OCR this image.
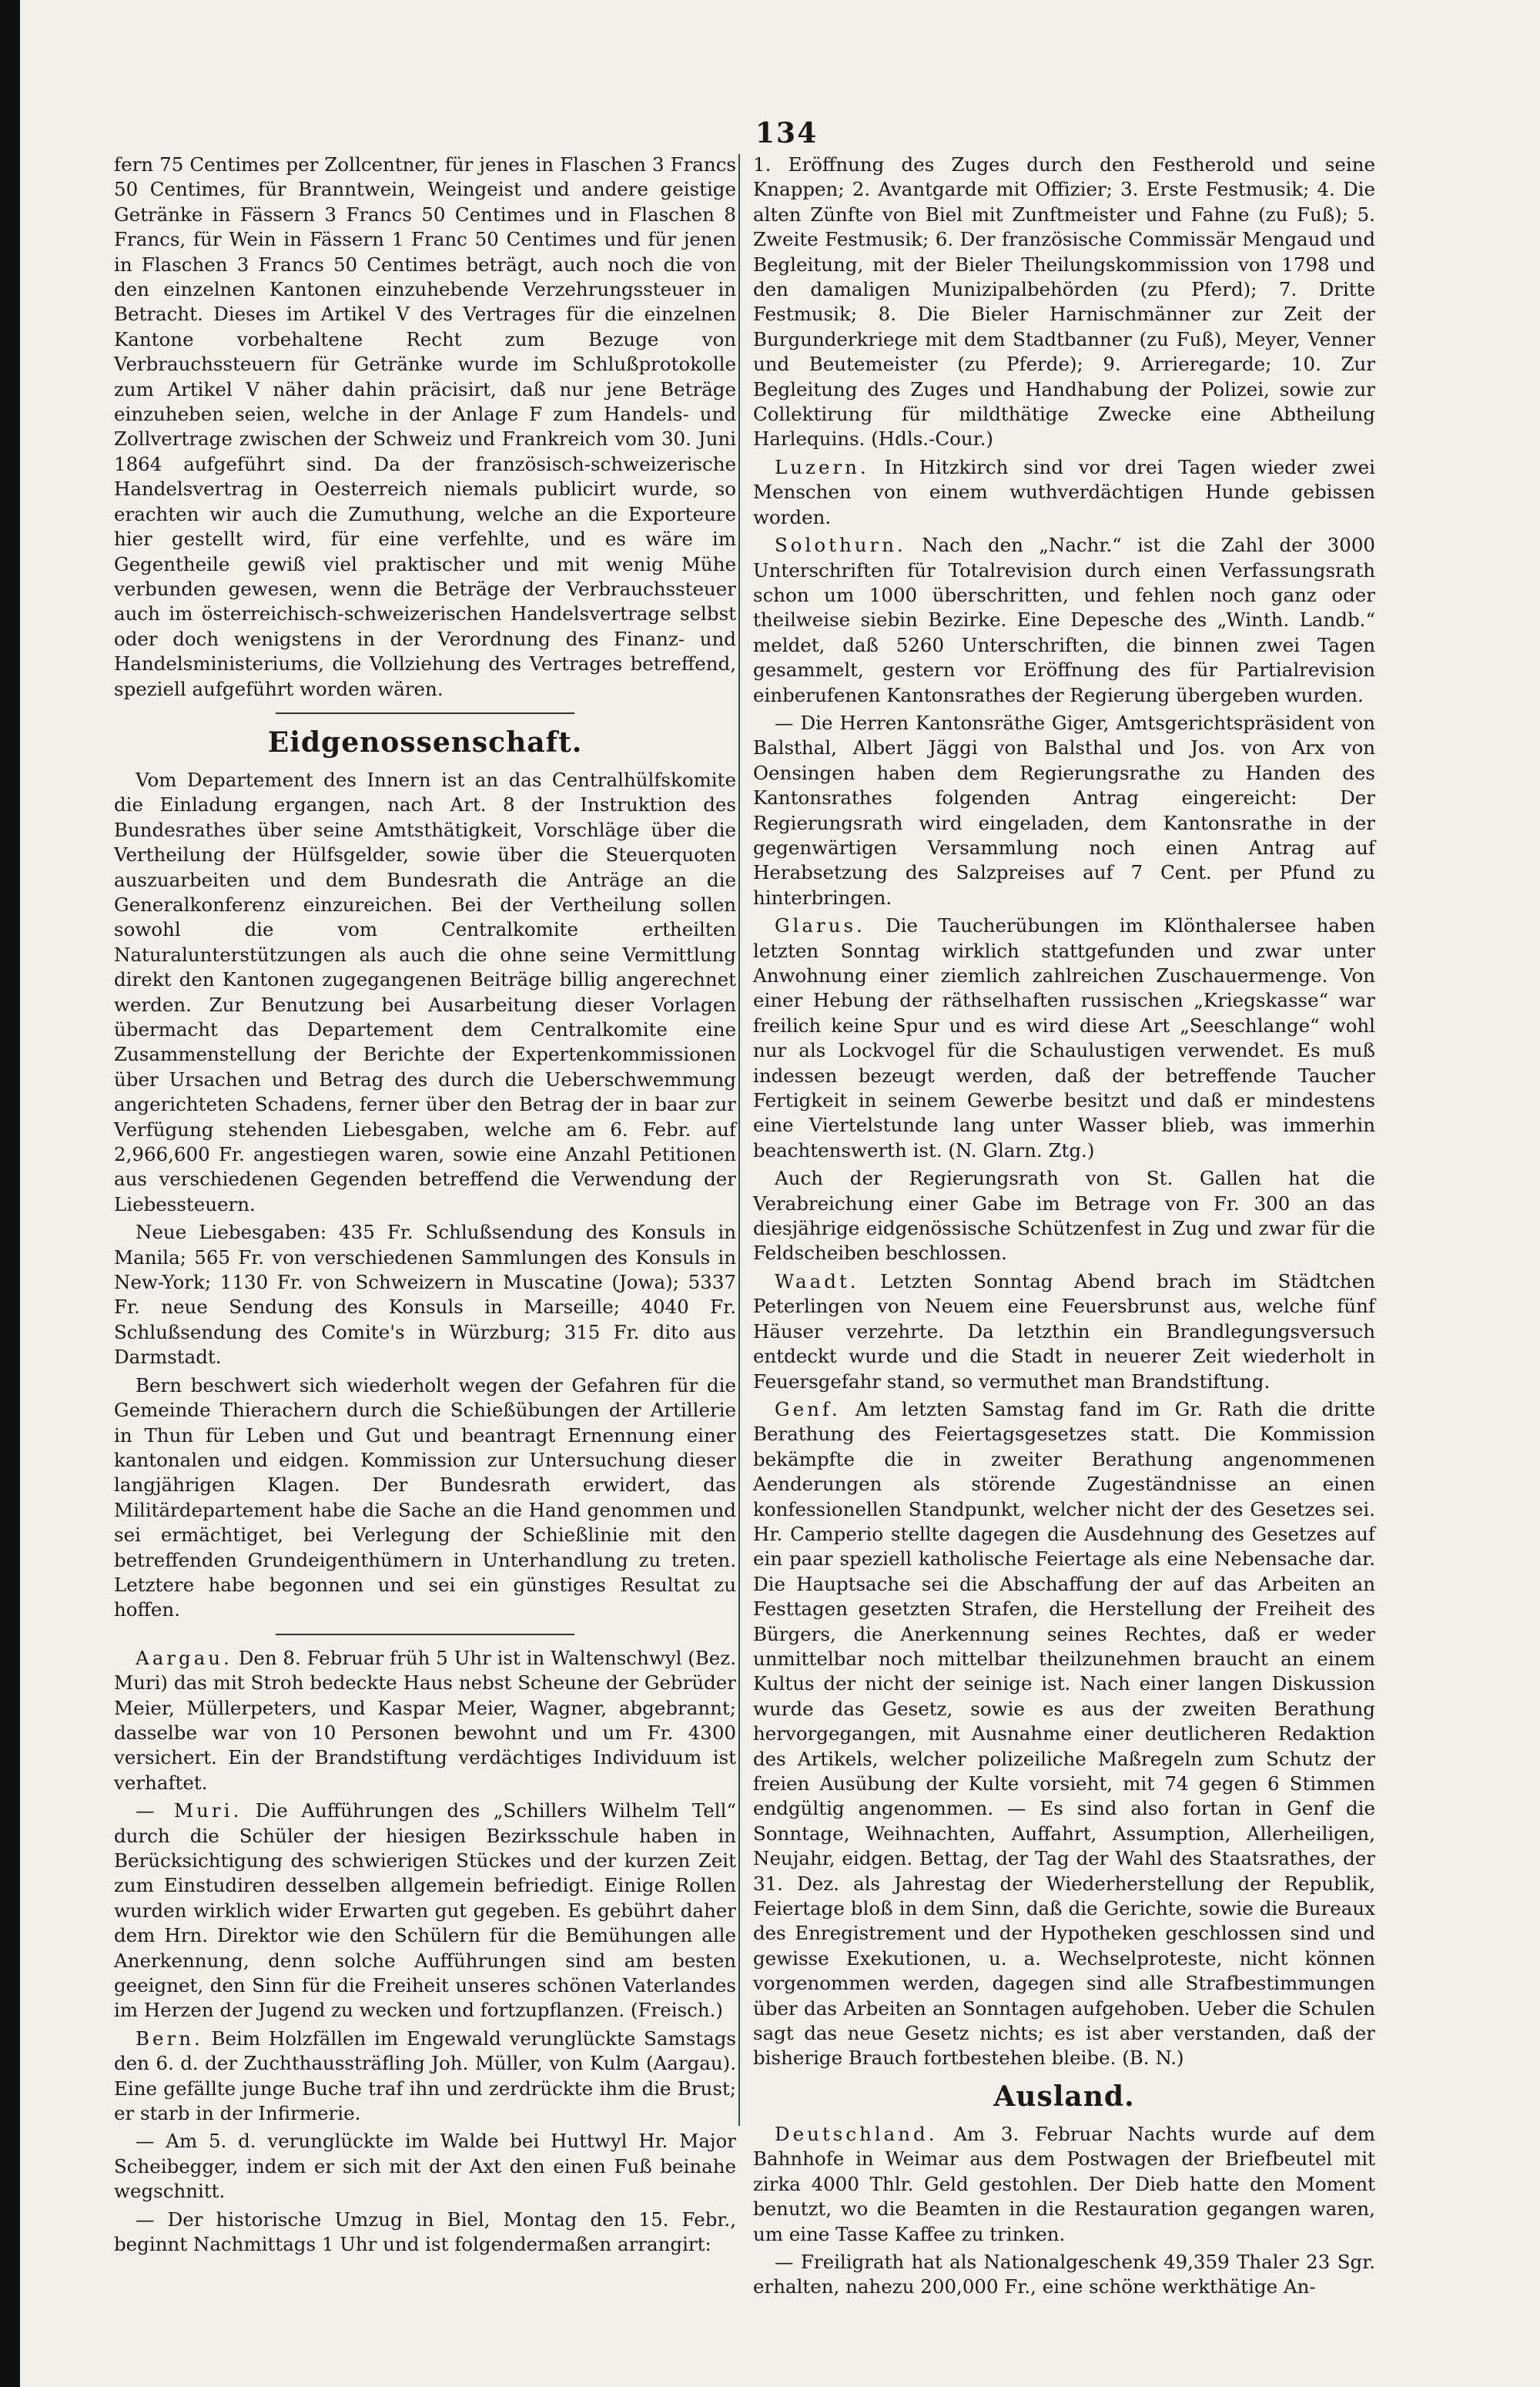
134

fern 75 Centimes per Zollcentner, für jenes in Flaschen 3 Francs 50 Centimes, für Branntwein, Weingeist und andere geistige Getränke in Fässern 3 Francs 50 Centimes und in Flaschen 8 Francs, für Wein in Fässern 1 Franc 50 Centimes und für jenen in Flaschen 3 Francs 50 Centimes beträgt, auch noch die von den einzelnen Kantonen einzuhebende Verzehrungssteuer in Betracht. Dieses im Artikel V des Vertrages für die einzelnen Kantone vorbehaltene Recht zum Bezuge von Verbrauchssteuern für Getränke wurde im Schlußprotokolle zum Artikel V näher dahin präcisirt, daß nur jene Beträge einzuheben seien, welche in der Anlage F zum Handels- und Zollvertrage zwischen der Schweiz und Frankreich vom 30. Juni 1864 aufgeführt sind. Da der französisch-schweizerische Handelsvertrag in Oesterreich niemals publicirt wurde, so erachten wir auch die Zumuthung, welche an die Exporteure hier gestellt wird, für eine verfehlte, und es wäre im Gegentheile gewiß viel praktischer und mit wenig Mühe verbunden gewesen, wenn die Beträge der Verbrauchssteuer auch im österreichisch-schweizerischen Handelsvertrage selbst oder doch wenigstens in der Verordnung des Finanz- und Handelsministeriums, die Vollziehung des Vertrages betreffend, speziell aufgeführt worden wären.

Eidgenossenschaft.

Vom Departement des Innern ist an das Centralhülfskomite die Einladung ergangen, nach Art. 8 der Instruktion des Bundesrathes über seine Amtsthätigkeit, Vorschläge über die Vertheilung der Hülfsgelder, sowie über die Steuerquoten auszuarbeiten und dem Bundesrath die Anträge an die Generalkonferenz einzureichen. Bei der Vertheilung sollen sowohl die vom Centralkomite ertheilten Naturalunterstützungen als auch die ohne seine Vermittlung direkt den Kantonen zugegangenen Beiträge billig angerechnet werden. Zur Benutzung bei Ausarbeitung dieser Vorlagen übermacht das Departement dem Centralkomite eine Zusammenstellung der Berichte der Expertenkommissionen über Ursachen und Betrag des durch die Ueberschwemmung angerichteten Schadens, ferner über den Betrag der in baar zur Verfügung stehenden Liebesgaben, welche am 6. Febr. auf 2,966,600 Fr. angestiegen waren, sowie eine Anzahl Petitionen aus verschiedenen Gegenden betreffend die Verwendung der Liebessteuern.

Neue Liebesgaben: 435 Fr. Schlußsendung des Konsuls in Manila; 565 Fr. von verschiedenen Sammlungen des Konsuls in New-York; 1130 Fr. von Schweizern in Muscatine (Jowa); 5337 Fr. neue Sendung des Konsuls in Marseille; 4040 Fr. Schlußsendung des Comite's in Würzburg; 315 Fr. dito aus Darmstadt.

Bern beschwert sich wiederholt wegen der Gefahren für die Gemeinde Thierachern durch die Schießübungen der Artillerie in Thun für Leben und Gut und beantragt Ernennung einer kantonalen und eidgen. Kommission zur Untersuchung dieser langjährigen Klagen. Der Bundesrath erwidert, das Militärdepartement habe die Sache an die Hand genommen und sei ermächtiget, bei Verlegung der Schießlinie mit den betreffenden Grundeigenthümern in Unterhandlung zu treten. Letztere habe begonnen und sei ein günstiges Resultat zu hoffen.

Aargau. Den 8. Februar früh 5 Uhr ist in Waltenschwyl (Bez. Muri) das mit Stroh bedeckte Haus nebst Scheune der Gebrüder Meier, Müllerpeters, und Kaspar Meier, Wagner, abgebrannt; dasselbe war von 10 Personen bewohnt und um Fr. 4300 versichert. Ein der Brandstiftung verdächtiges Individuum ist verhaftet.

— Muri. Die Aufführungen des „Schillers Wilhelm Tell“ durch die Schüler der hiesigen Bezirksschule haben in Berücksichtigung des schwierigen Stückes und der kurzen Zeit zum Einstudiren desselben allgemein befriedigt. Einige Rollen wurden wirklich wider Erwarten gut gegeben. Es gebührt daher dem Hrn. Direktor wie den Schülern für die Bemühungen alle Anerkennung, denn solche Aufführungen sind am besten geeignet, den Sinn für die Freiheit unseres schönen Vaterlandes im Herzen der Jugend zu wecken und fortzupflanzen. (Freisch.)

Bern. Beim Holzfällen im Engewald verunglückte Samstags den 6. d. der Zuchthaussträfling Joh. Müller, von Kulm (Aargau). Eine gefällte junge Buche traf ihn und zerdrückte ihm die Brust; er starb in der Infirmerie.

— Am 5. d. verunglückte im Walde bei Huttwyl Hr. Major Scheibegger, indem er sich mit der Axt den einen Fuß beinahe wegschnitt.

— Der historische Umzug in Biel, Montag den 15. Febr., beginnt Nachmittags 1 Uhr und ist folgendermaßen arrangirt:

1. Eröffnung des Zuges durch den Festherold und seine Knappen; 2. Avantgarde mit Offizier; 3. Erste Festmusik; 4. Die alten Zünfte von Biel mit Zunftmeister und Fahne (zu Fuß); 5. Zweite Festmusik; 6. Der französische Commissär Mengaud und Begleitung, mit der Bieler Theilungskommission von 1798 und den damaligen Munizipalbehörden (zu Pferd); 7. Dritte Festmusik; 8. Die Bieler Harnischmänner zur Zeit der Burgunderkriege mit dem Stadtbanner (zu Fuß), Meyer, Venner und Beutemeister (zu Pferde); 9. Arrieregarde; 10. Zur Begleitung des Zuges und Handhabung der Polizei, sowie zur Collektirung für mildthätige Zwecke eine Abtheilung Harlequins. (Hdls.-Cour.)

Luzern. In Hitzkirch sind vor drei Tagen wieder zwei Menschen von einem wuthverdächtigen Hunde gebissen worden.

Solothurn. Nach den „Nachr.“ ist die Zahl der 3000 Unterschriften für Totalrevision durch einen Verfassungsrath schon um 1000 überschritten, und fehlen noch ganz oder theilweise siebin Bezirke. Eine Depesche des „Winth. Landb.“ meldet, daß 5260 Unterschriften, die binnen zwei Tagen gesammelt, gestern vor Eröffnung des für Partialrevision einberufenen Kantonsrathes der Regierung übergeben wurden.

— Die Herren Kantonsräthe Giger, Amtsgerichtspräsident von Balsthal, Albert Jäggi von Balsthal und Jos. von Arx von Oensingen haben dem Regierungsrathe zu Handen des Kantonsrathes folgenden Antrag eingereicht: Der Regierungsrath wird eingeladen, dem Kantonsrathe in der gegenwärtigen Versammlung noch einen Antrag auf Herabsetzung des Salzpreises auf 7 Cent. per Pfund zu hinterbringen.

Glarus. Die Taucherübungen im Klönthalersee haben letzten Sonntag wirklich stattgefunden und zwar unter Anwohnung einer ziemlich zahlreichen Zuschauermenge. Von einer Hebung der räthselhaften russischen „Kriegskasse“ war freilich keine Spur und es wird diese Art „Seeschlange“ wohl nur als Lockvogel für die Schaulustigen verwendet. Es muß indessen bezeugt werden, daß der betreffende Taucher Fertigkeit in seinem Gewerbe besitzt und daß er mindestens eine Viertelstunde lang unter Wasser blieb, was immerhin beachtenswerth ist. (N. Glarn. Ztg.)

Auch der Regierungsrath von St. Gallen hat die Verabreichung einer Gabe im Betrage von Fr. 300 an das diesjährige eidgenössische Schützenfest in Zug und zwar für die Feldscheiben beschlossen.

Waadt. Letzten Sonntag Abend brach im Städtchen Peterlingen von Neuem eine Feuersbrunst aus, welche fünf Häuser verzehrte. Da letzthin ein Brandlegungsversuch entdeckt wurde und die Stadt in neuerer Zeit wiederholt in Feuersgefahr stand, so vermuthet man Brandstiftung.

Genf. Am letzten Samstag fand im Gr. Rath die dritte Berathung des Feiertagsgesetzes statt. Die Kommission bekämpfte die in zweiter Berathung angenommenen Aenderungen als störende Zugeständnisse an einen konfessionellen Standpunkt, welcher nicht der des Gesetzes sei. Hr. Camperio stellte dagegen die Ausdehnung des Gesetzes auf ein paar speziell katholische Feiertage als eine Nebensache dar. Die Hauptsache sei die Abschaffung der auf das Arbeiten an Festtagen gesetzten Strafen, die Herstellung der Freiheit des Bürgers, die Anerkennung seines Rechtes, daß er weder unmittelbar noch mittelbar theilzunehmen braucht an einem Kultus der nicht der seinige ist. Nach einer langen Diskussion wurde das Gesetz, sowie es aus der zweiten Berathung hervorgegangen, mit Ausnahme einer deutlicheren Redaktion des Artikels, welcher polizeiliche Maßregeln zum Schutz der freien Ausübung der Kulte vorsieht, mit 74 gegen 6 Stimmen endgültig angenommen. — Es sind also fortan in Genf die Sonntage, Weihnachten, Auffahrt, Assumption, Allerheiligen, Neujahr, eidgen. Bettag, der Tag der Wahl des Staatsrathes, der 31. Dez. als Jahrestag der Wiederherstellung der Republik, Feiertage bloß in dem Sinn, daß die Gerichte, sowie die Bureaux des Enregistrement und der Hypotheken geschlossen sind und gewisse Exekutionen, u. a. Wechselproteste, nicht können vorgenommen werden, dagegen sind alle Strafbestimmungen über das Arbeiten an Sonntagen aufgehoben. Ueber die Schulen sagt das neue Gesetz nichts; es ist aber verstanden, daß der bisherige Brauch fortbestehen bleibe. (B. N.)

Ausland.

Deutschland. Am 3. Februar Nachts wurde auf dem Bahnhofe in Weimar aus dem Postwagen der Briefbeutel mit zirka 4000 Thlr. Geld gestohlen. Der Dieb hatte den Moment benutzt, wo die Beamten in die Restauration gegangen waren, um eine Tasse Kaffee zu trinken.

— Freiligrath hat als Nationalgeschenk 49,359 Thaler 23 Sgr. erhalten, nahezu 200,000 Fr., eine schöne werkthätige An-
